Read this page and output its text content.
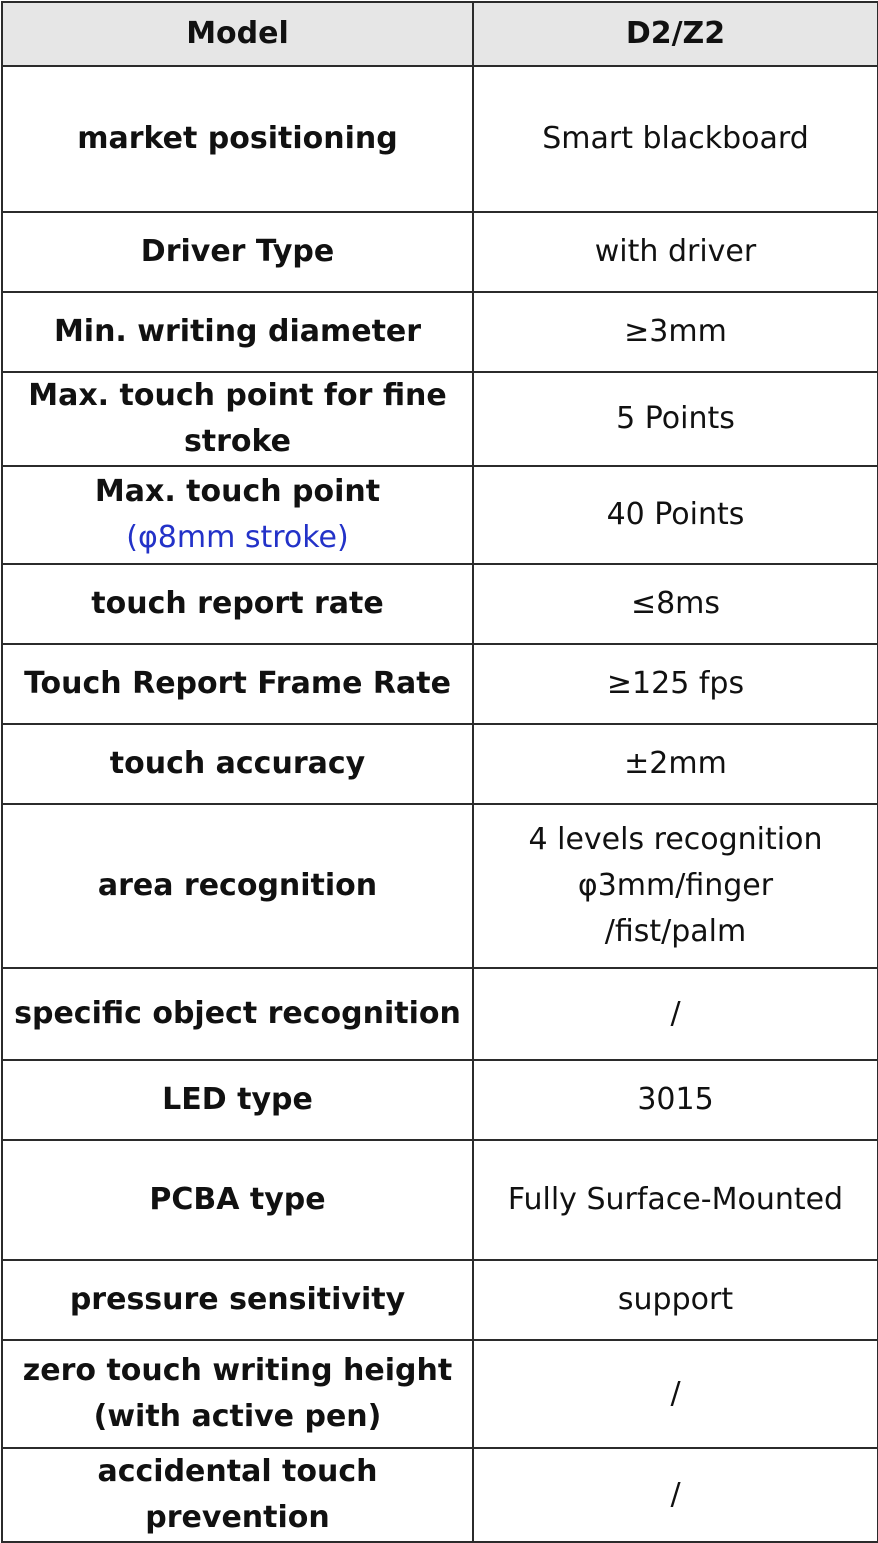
Model	D2/Z2
market positioning	Smart blackboard
Driver Type	with driver
Min. writing diameter	≥3mm

Max. touch point for fine
stroke	5 Points

Max. touch point
(φ8mm stroke)	40 Points
touch report rate	≤8ms
Touch Report Frame Rate	≥125 fps
touch accuracy	±2mm
area recognition	4 levels recognition
φ3mm/finger
/fist/palm

specific object recognition	/
LED type	3015
PCBA type	Fully Surface-Mounted
pressure sensitivity	support

zero touch writing height
(with active pen)	/
accidental touch prevention	/
